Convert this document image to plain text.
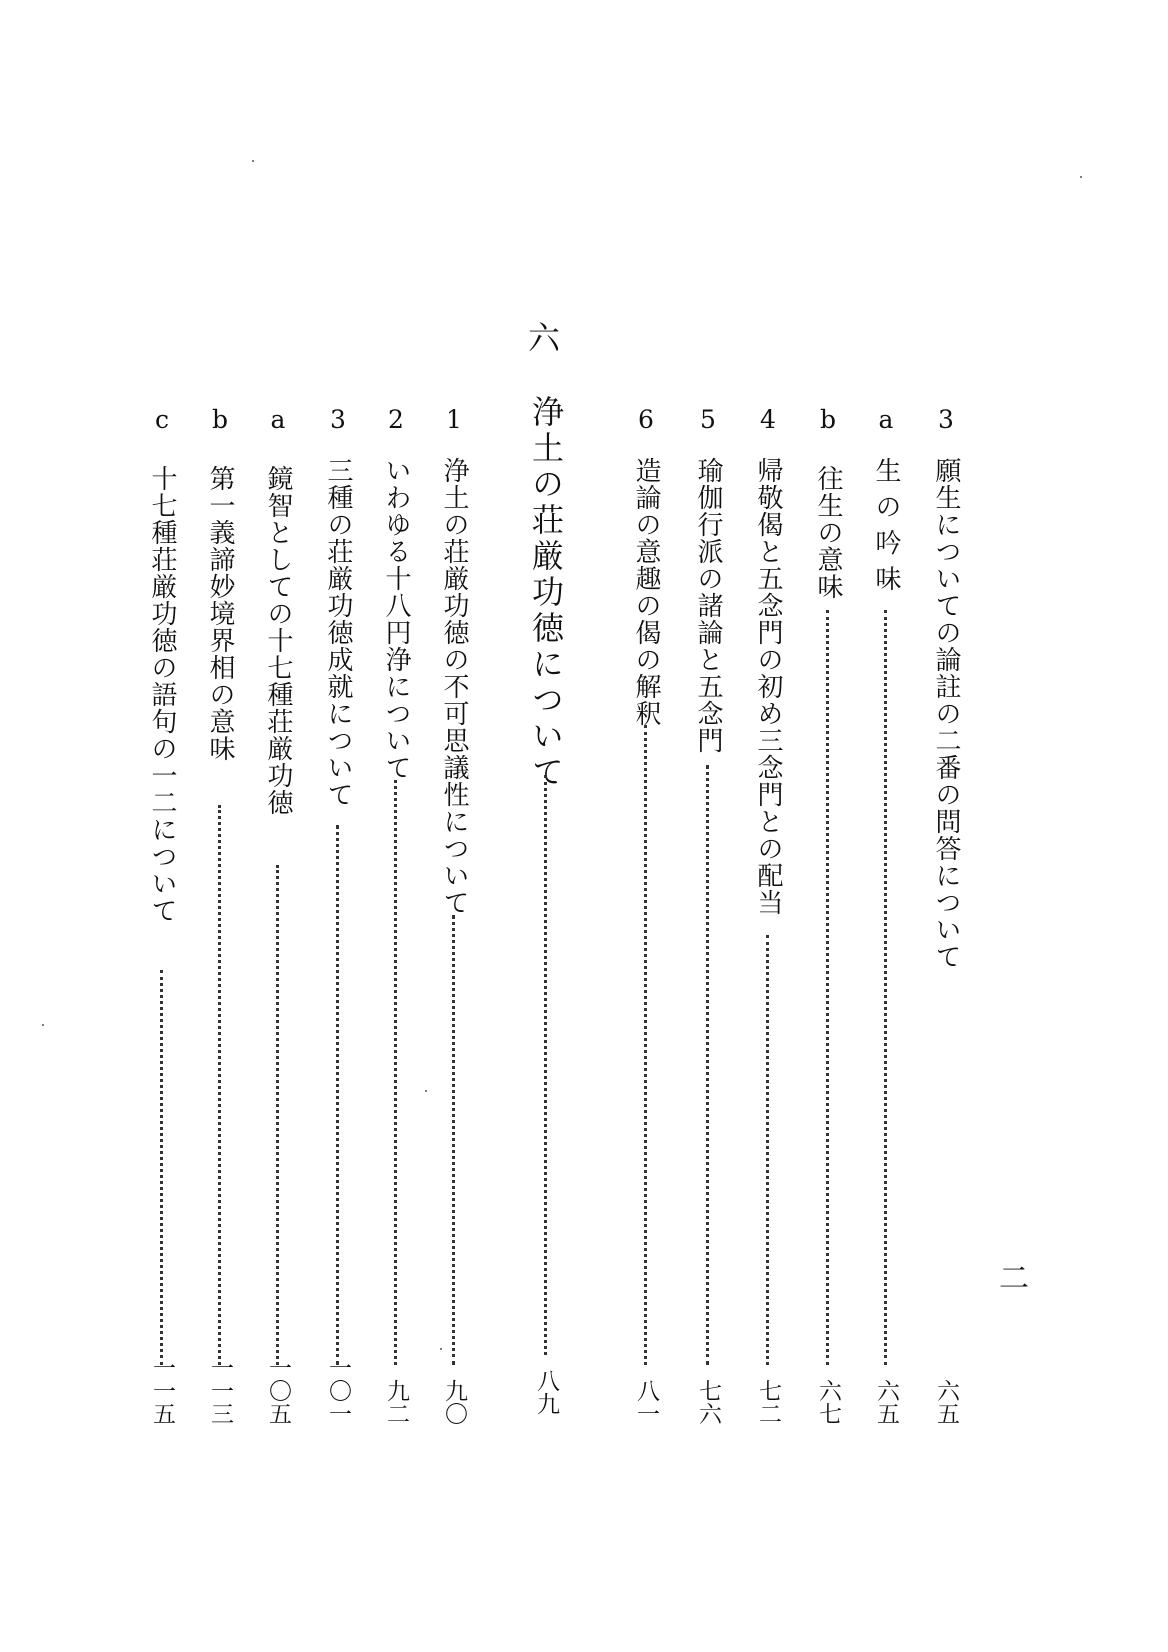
3
願生についての論註の二番の問答について
六五
a
生の吟味
六五
b
往生の意味
六七
4
帰敬偈と五念門の初め三念門との配当
七二
5
瑜伽行派の諸論と五念門
七六
6
造論の意趣の偈の解釈
八一
六
浄土の荘厳功徳について
八九
1
浄土の荘厳功徳の不可思議性について
九〇
2
いわゆる十八円浄について
九二
3
三種の荘厳功徳成就について
一〇一
a
鏡智としての十七種荘厳功徳
一〇五
b
第一義諦妙境界相の意味
一一三
c
十七種荘厳功徳の語句の一二について
一一五
二
